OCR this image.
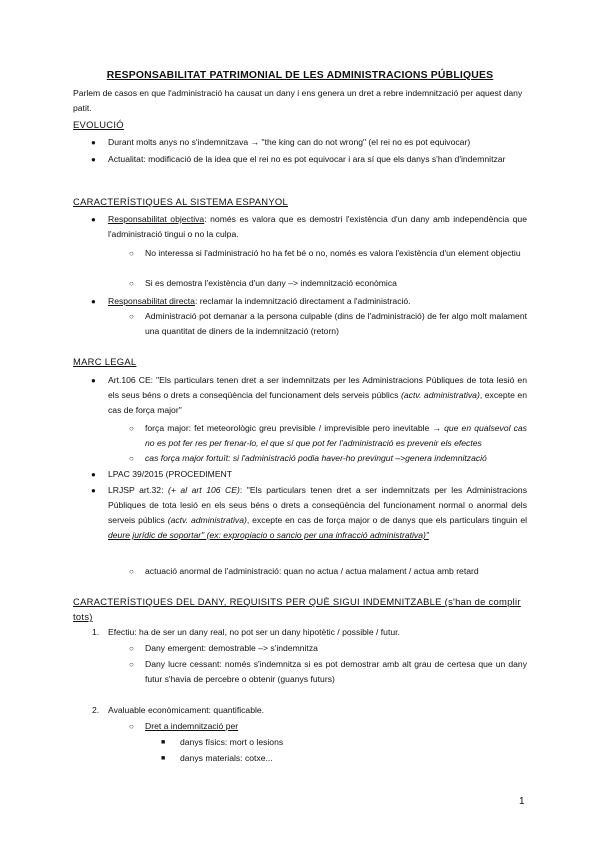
RESPONSABILITAT PATRIMONIAL DE LES ADMINISTRACIONS PÚBLIQUES
Parlem de casos en que l'administració ha causat un dany i ens genera un dret a rebre indemnització per aquest dany patit.
EVOLUCIÓ
● Durant molts anys no s'indemnitzava → "the king can do not wrong" (el rei no es pot equivocar)
● Actualitat: modificació de la idea que el rei no es pot equivocar i ara sí que els danys s'han d'indemnitzar
CARACTERÍSTIQUES AL SISTEMA ESPANYOL
● Responsabilitat objectiva: només es valora que es demostri l'existència d'un dany amb independència que l'administració tingui o no la culpa.
○ No interessa si l'administració ho ha fet bé o no, només es valora l'existència d'un element objectiu
○ Si es demostra l'existència d'un dany –> indemnització econòmica
● Responsabilitat directa: reclamar la indemnització directament a l'administració.
○ Administració pot demanar a la persona culpable (dins de l'administració) de fer algo molt malament una quantitat de diners de la indemnització (retorn)
MARC LEGAL
● Art.106 CE: "Els particulars tenen dret a ser indemnitzats per les Administracions Públiques de tota lesió en els seus béns o drets a conseqüència del funcionament dels serveis públics (actv. administrativa), excepte en cas de força major"
○ força major: fet meteorològic greu previsible / imprevisible pero inevitable → que en qualsevol cas no es pot fer res per frenar-lo, el que sí que pot fer l'administració es prevenir els efectes
○ cas força major fortuït: si l'administració podia haver-ho previngut –>genera indemnització
● LPAC 39/2015 (PROCEDIMENT
● LRJSP art.32: (+ al art 106 CE): "Els particulars tenen dret a ser indemnitzats per les Administracions Públiques de tota lesió en els seus béns o drets a conseqüència del funcionament normal o anormal dels serveis públics (actv. administrativa), excepte en cas de força major o de danys que els particulars tinguin el deure jurídic de soportar" (ex: expropiacio o sancio per una infracció administrativa)"
○ actuació anormal de l'administració: quan no actua / actua malament / actua amb retard
CARACTERÍSTIQUES DEL DANY, REQUISITS PER QUÈ SIGUI INDEMNITZABLE (s'han de complir tots)
1. Efectiu: ha de ser un dany real, no pot ser un dany hipotètic / possible / futur.
○ Dany emergent: demostrable –> s'indemnitza
○ Dany lucre cessant: només s'indemnitza si es pot demostrar amb alt grau de certesa que un dany futur s'havia de percebre o obtenir (guanys futurs)
2. Avaluable econòmicament: quantificable.
○ Dret a indemnització per
■ danys físics: mort o lesions
■ danys materials: cotxe...
1
